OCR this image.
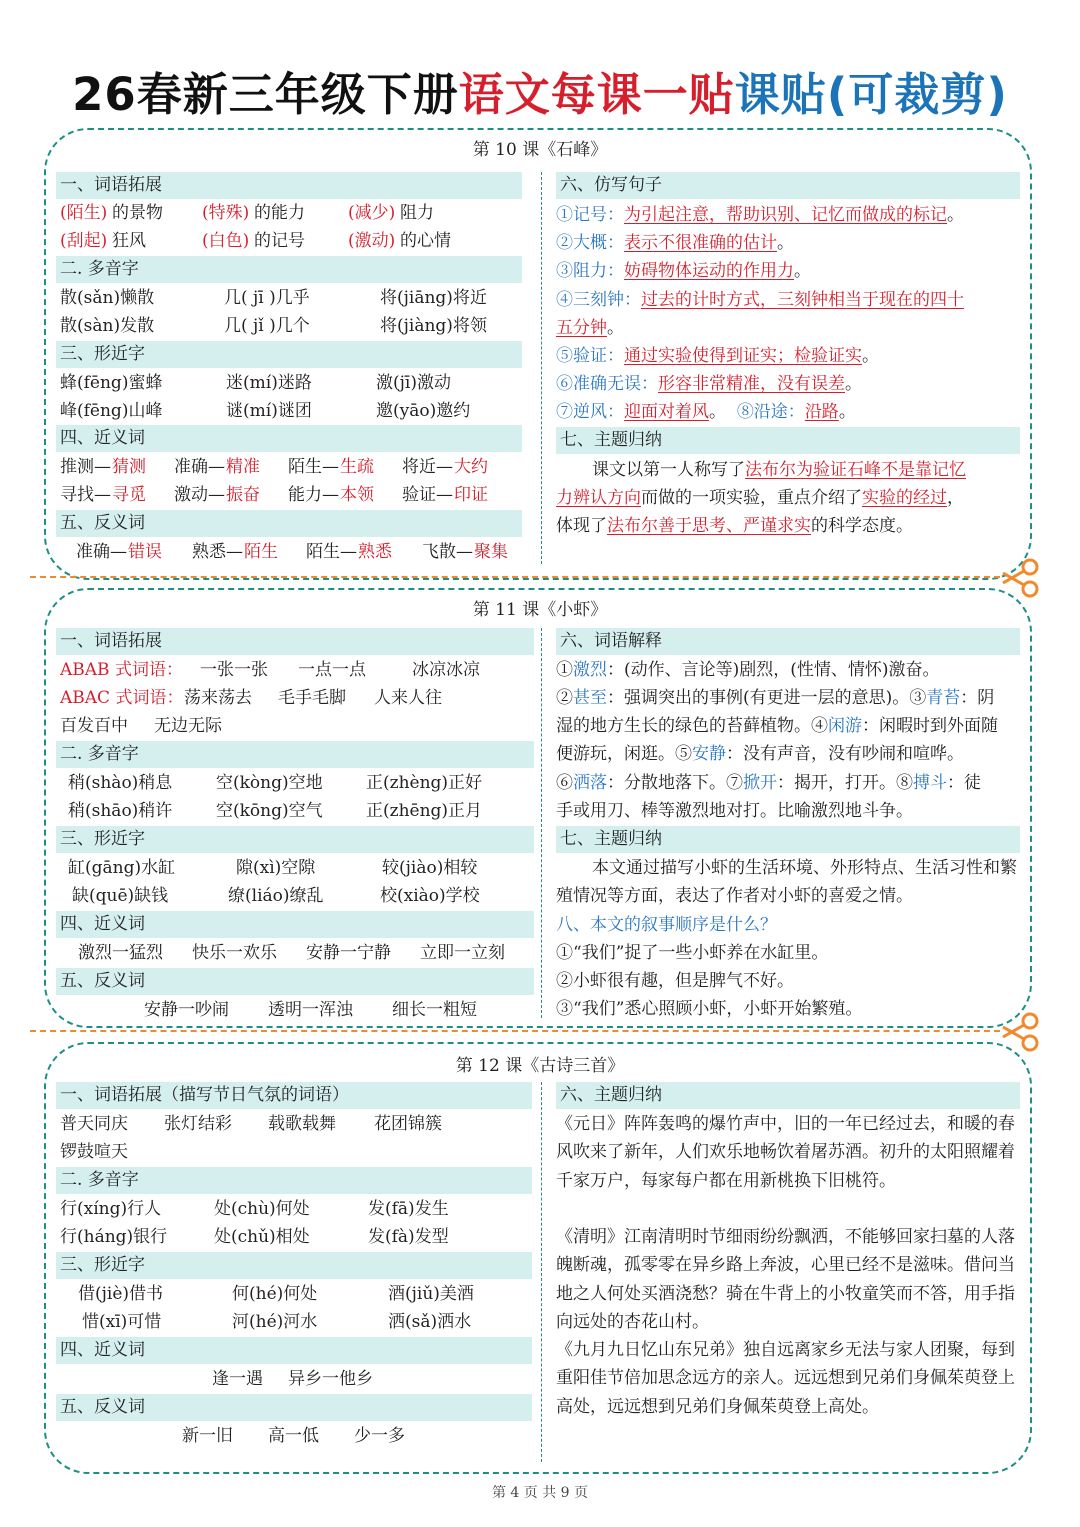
26春新三年级下册语文每课一贴课贴(可裁剪)
第 10 课《石峰》
一、词语拓展
(陌生) 的景物 (特殊) 的能力	(减少) 阻力
(刮起) 狂风	(白色) 的记号	(激动) 的心情
二. 多音字
散(sǎn)懒散	几( jī )几乎	将(jiāng)将近
散(sàn)发散	几( jǐ )几个	将(jiàng)将领
三、形近字
蜂(fēng)蜜蜂	迷(mí)迷路	激(jī)激动
峰(fēng)山峰	谜(mí)谜团	邀(yāo)邀约
四、近义词
推测— 猜测 准确— 精准 陌生— 生疏 将近— 大约
寻找— 寻觅 激动— 振奋 能力— 本领 验证— 印证
五、反义词
准确— 错误 熟悉— 陌生 陌生— 熟悉 飞散— 聚集
六、仿写句子
①记号：为引起注意，帮助识别、记忆而做成的标记。
②大概：表示不很准确的估计。
③阻力：妨碍物体运动的作用力。
④三刻钟：过去的计时方式，三刻钟相当于现在的四十
五分钟。
⑤验证：通过实验使得到证实；检验证实。
⑥准确无误：形容非常精准，没有误差。
⑦逆风：迎面对着风。 ⑧沿途：沿路。
七、主题归纳
课文以第一人称写了法布尔为验证石峰不是靠记忆
力辨认方向而做的一项实验，重点介绍了实验的经过，
体现了法布尔善于思考、严谨求实的科学态度。
第 11 课《小虾》
一、词语拓展
ABAB 式词语： 一张一张 一点一点	冰凉冰凉
ABAC 式词语： 荡来荡去 毛手毛脚 人来人往
百发百中 无边无际
二. 多音字
稍(shào)稍息	空(kòng)空地	正(zhèng)正好
稍(shāo)稍许	空(kōng)空气	正(zhēng)正月
三、形近字
缸(gāng)水缸	隙(xì)空隙	较(jiào)相较
缺(quē)缺钱	缭(liáo)缭乱	校(xiào)学校
四、近义词
激烈一猛烈 快乐一欢乐 安静一宁静 立即一立刻
五、反义词
安静一吵闹 透明一浑浊 细长一粗短
六、词语解释
①激烈：(动作、言论等)剧烈，(性情、情怀)激奋。
②甚至：强调突出的事例(有更进一层的意思)。③青苔：阴
湿的地方生长的绿色的苔藓植物。④闲游：闲暇时到外面随
便游玩，闲逛。⑤安静：没有声音，没有吵闹和喧哗。
⑥洒落：分散地落下。⑦掀开：揭开，打开。⑧搏斗：徒
手或用刀、棒等激烈地对打。比喻激烈地斗争。
七、主题归纳
本文通过描写小虾的生活环境、外形特点、生活习性和繁殖情况等方面，表达了作者对小虾的喜爱之情。
八、本文的叙事顺序是什么？
①“我们”捉了一些小虾养在水缸里。
②小虾很有趣，但是脾气不好。
③“我们”悉心照顾小虾，小虾开始繁殖。
第 12 课《古诗三首》
一、词语拓展（描写节日气氛的词语）
普天同庆 张灯结彩 载歌载舞 花团锦簇
锣鼓喧天
二. 多音字
行(xíng)行人	处(chù)何处	发(fā)发生
行(háng)银行	处(chǔ)相处	发(fà)发型
三、形近字
借(jiè)借书	何(hé)何处	酒(jiǔ)美酒
惜(xī)可惜	河(hé)河水	洒(sǎ)洒水
四、近义词
逢一遇 异乡一他乡
五、反义词
新一旧 高一低 少一多
六、主题归纳
《元日》阵阵轰鸣的爆竹声中，旧的一年已经过去，和暖的春风吹来了新年，人们欢乐地畅饮着屠苏酒。初升的太阳照耀着千家万户，每家每户都在用新桃换下旧桃符。
《清明》江南清明时节细雨纷纷飘洒，不能够回家扫墓的人落魄断魂，孤零零在异乡路上奔波，心里已经不是滋味。借问当地之人何处买酒浇愁？骑在牛背上的小牧童笑而不答，用手指向远处的杏花山村。
《九月九日忆山东兄弟》独自远离家乡无法与家人团聚，每到重阳佳节倍加思念远方的亲人。远远想到兄弟们身佩茱萸登上高处，远远想到兄弟们身佩茱萸登上高处。
第 4 页 共 9 页
